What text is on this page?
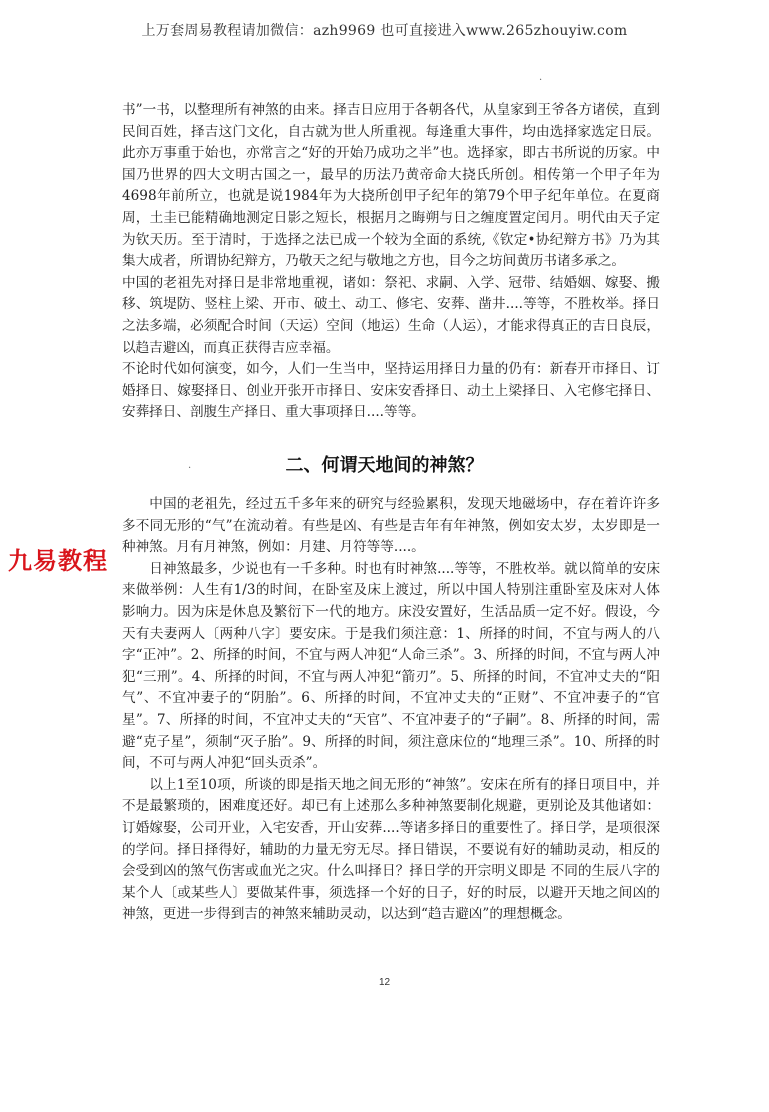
上万套周易教程请加微信：azh9969 也可直接进入www.265zhouyiw.com
.

书”一书，以整理所有神煞的由来。择吉日应用于各朝各代，从皇家到王爷各方诸侯，直到民间百姓，择吉这门文化，自古就为世人所重视。每逢重大事件，均由选择家选定日辰。此亦万事重于始也，亦常言之“好的开始乃成功之半”也。选择家，即古书所说的历家。中国乃世界的四大文明古国之一，最早的历法乃黄帝命大挠氏所创。相传第一个甲子年为4698年前所立，也就是说1984年为大挠所创甲子纪年的第79个甲子纪年单位。在夏商周，土圭已能精确地测定日影之短长，根据月之晦朔与日之缠度置定闰月。明代由天子定为钦天历。至于清时，于选择之法已成一个较为全面的系统,《钦定•协纪辩方书》乃为其集大成者，所谓协纪辩方，乃敬天之纪与敬地之方也，目今之坊间黄历书诸多承之。

中国的老祖先对择日是非常地重视，诸如：祭祀、求嗣、入学、冠带、结婚姻、嫁娶、搬移、筑堤防、竖柱上梁、开市、破土、动工、修宅、安葬、凿井....等等，不胜枚举。择日之法多端，必须配合时间（天运）空间（地运）生命（人运），才能求得真正的吉日良辰，以趋吉避凶，而真正获得吉应幸福。

不论时代如何演变，如今，人们一生当中，坚持运用择日力量的仍有：新春开市择日、订婚择日、嫁娶择日、创业开张开市择日、安床安香择日、动土上梁择日、入宅修宅择日、安葬择日、剖腹生产择日、重大事项择日....等等。

.	二、何谓天地间的神煞？
九易教程

中国的老祖先，经过五千多年来的研究与经验累积，发现天地磁场中，存在着许许多多不同无形的“气”在流动着。有些是凶、有些是吉年有年神煞，例如安太岁，太岁即是一种神煞。月有月神煞，例如：月建、月符等等....。

日神煞最多，少说也有一千多种。时也有时神煞....等等，不胜枚举。就以简单的安床来做举例：人生有1/3的时间，在卧室及床上渡过，所以中国人特别注重卧室及床对人体影响力。因为床是休息及繁衍下一代的地方。床没安置好，生活品质一定不好。假设，今天有夫妻两人〔两种八字〕要安床。于是我们须注意：1、所择的时间，不宜与两人的八字“正冲”。2、所择的时间，不宜与两人冲犯“人命三杀”。3、所择的时间，不宜与两人冲犯“三刑”。4、所择的时间，不宜与两人冲犯“箭刃”。5、所择的时间，不宜冲丈夫的“阳气”、不宜冲妻子的“阴胎”。6、所择的时间，不宜冲丈夫的“正财”、不宜冲妻子的“官星”。7、所择的时间，不宜冲丈夫的“天官”、不宜冲妻子的“子嗣”。8、所择的时间，需避“克子星”，须制“灭子胎”。9、所择的时间，须注意床位的“地理三杀”。10、所择的时间，不可与两人冲犯“回头贡杀”。

以上1至10项，所谈的即是指天地之间无形的“神煞”。安床在所有的择日项目中，并不是最繁琐的，困难度还好。却已有上述那么多种神煞要制化规避，更别论及其他诸如：订婚嫁娶，公司开业，入宅安香，开山安葬....等诸多择日的重要性了。择日学，是项很深的学问。择日择得好，辅助的力量无穷无尽。择日错误，不要说有好的辅助灵动，相反的会受到凶的煞气伤害或血光之灾。什么叫择日？择日学的开宗明义即是 不同的生辰八字的某个人〔或某些人〕要做某件事，须选择一个好的日子，好的时辰，以避开天地之间凶的神煞，更进一步得到吉的神煞来辅助灵动，以达到“趋吉避凶”的理想概念。

12
